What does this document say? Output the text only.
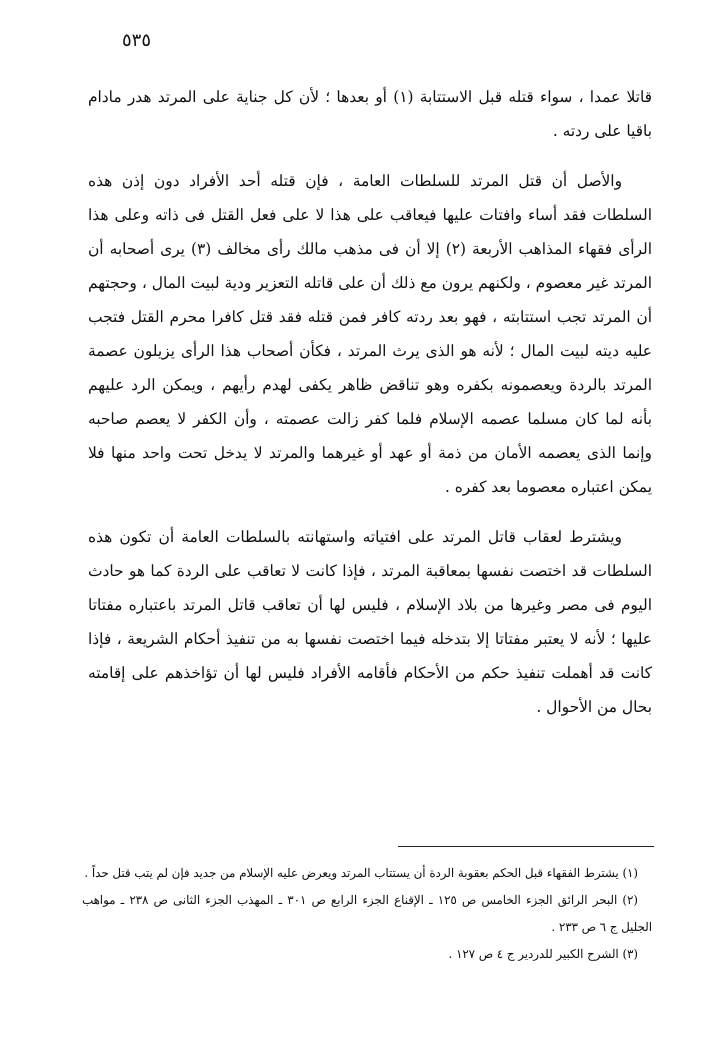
٥٣٥

قاتلا عمدا ، سواء قتله قبل الاستتابة (١) أو بعدها ؛ لأن كل جناية على المرتد هدر مادام باقيا على ردته .

والأصل أن قتل المرتد للسلطات العامة ، فإن قتله أحد الأفراد دون إذن هذه السلطات فقد أساء وافتات عليها فيعاقب على هذا لا على فعل القتل فى ذاته وعلى هذا الرأى فقهاء المذاهب الأربعة (٢) إلا أن فى مذهب مالك رأى مخالف (٣) يرى أصحابه أن المرتد غير معصوم ، ولكنهم يرون مع ذلك أن على قاتله التعزير ودية لبيت المال ، وحجتهم أن المرتد تجب استتابته ، فهو بعد ردته كافر فمن قتله فقد قتل كافرا محرم القتل فتجب عليه ديته لبيت المال ؛ لأنه هو الذى يرث المرتد ، فكأن أصحاب هذا الرأى يزيلون عصمة المرتد بالردة ويعصمونه بكفره وهو تناقض ظاهر يكفى لهدم رأيهم ، ويمكن الرد عليهم بأنه لما كان مسلما عصمه الإسلام فلما كفر زالت عصمته ، وأن الكفر لا يعصم صاحبه وإنما الذى يعصمه الأمان من ذمة أو عهد أو غيرهما والمرتد لا يدخل تحت واحد منها فلا يمكن اعتباره معصوما بعد كفره .

ويشترط لعقاب قاتل المرتد على افتياته واستهانته بالسلطات العامة أن تكون هذه السلطات قد اختصت نفسها بمعاقبة المرتد ، فإذا كانت لا تعاقب على الردة كما هو حادث اليوم فى مصر وغيرها من بلاد الإسلام ، فليس لها أن تعاقب قاتل المرتد باعتباره مفتاتا عليها ؛ لأنه لا يعتبر مفتاتا إلا بتدخله فيما اختصت نفسها به من تنفيذ أحكام الشريعة ، فإذا كانت قد أهملت تنفيذ حكم من الأحكام فأقامه الأفراد فليس لها أن تؤاخذهم على إقامته بحال من الأحوال .

(١) يشترط الفقهاء قبل الحكم بعقوبة الردة أن يستتاب المرتد ويعرض عليه الإسلام من جديد فإن لم يتب قتل حداً .

(٢) البحر الرائق الجزء الخامس ص ١٢٥ ـ الإقناع الجزء الرابع ص ٣٠١ ـ المهذب الجزء الثانى ص ٢٣٨ ـ مواهب الجليل ج ٦ ص ٢٣٣ .

(٣) الشرح الكبير للدردير ج ٤ ص ١٢٧ .
